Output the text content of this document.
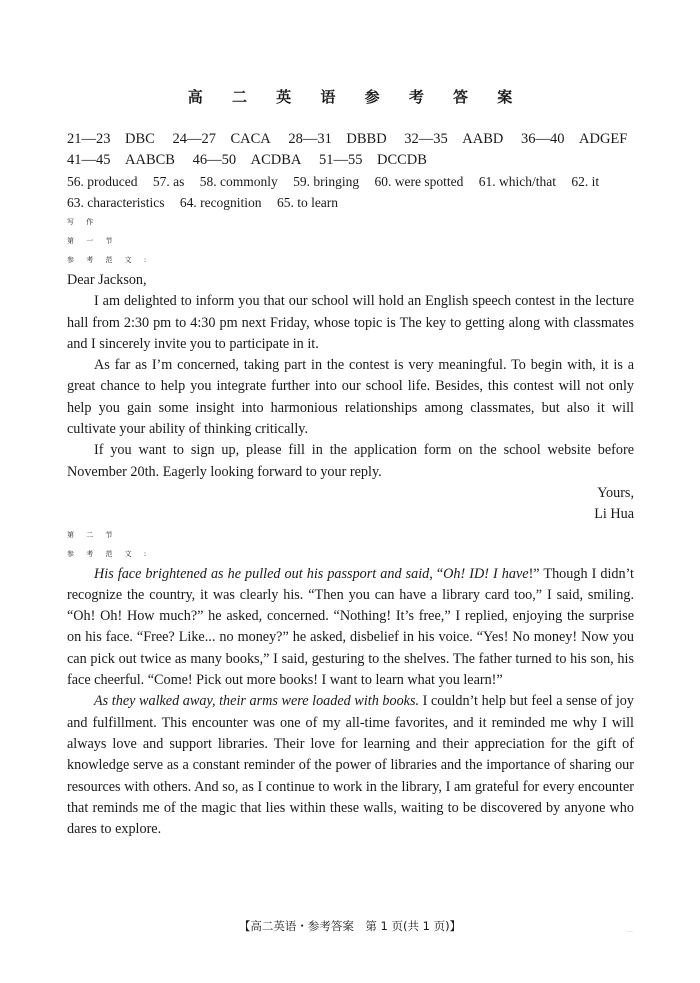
高 二 英 语 参 考 答 案
21—23　DBC 24—27　CACA 28—31　DBBD 32—35　AABD 36—40　ADGEF
41—45　AABCB 46—50　ACDBA 51—55　DCCDB
56. produced 57. as 58. commonly 59. bringing 60. were spotted 61. which/that 62. it
63. characteristics 64. recognition 65. to learn
写 作
第 一 节
参 考 范 文 :

Dear Jackson,

I am delighted to inform you that our school will hold an English speech contest in the lecture hall from 2:30 pm to 4:30 pm next Friday, whose topic is The key to getting along with classmates and I sincerely invite you to participate in it.

As far as I’m concerned, taking part in the contest is very meaningful. To begin with, it is a great chance to help you integrate further into our school life. Besides, this contest will not only help you gain some insight into harmonious relationships among classmates, but also it will cultivate your ability of thinking critically.

If you want to sign up, please fill in the application form on the school website before November 20th. Eagerly looking forward to your reply.

Yours,

Li Hua

第 二 节
参 考 范 文 :

His face brightened as he pulled out his passport and said, “Oh! ID! I have!” Though I didn’t recognize the country, it was clearly his. “Then you can have a library card too,” I said, smiling. “Oh! Oh! How much?” he asked, concerned. “Nothing! It’s free,” I replied, enjoying the surprise on his face. “Free? Like... no money?” he asked, disbelief in his voice. “Yes! No money! Now you can pick out twice as many books,” I said, gesturing to the shelves. The father turned to his son, his face cheerful. “Come! Pick out more books! I want to learn what you learn!”

As they walked away, their arms were loaded with books. I couldn’t help but feel a sense of joy and fulfillment. This encounter was one of my all-time favorites, and it reminded me why I will always love and support libraries. Their love for learning and their appreciation for the gift of knowledge serve as a constant reminder of the power of libraries and the importance of sharing our resources with others. And so, as I continue to work in the library, I am grateful for every encounter that reminds me of the magic that lies within these walls, waiting to be discovered by anyone who dares to explore.

【高二英语・参考答案　第 1 页(共 1 页)】	…
